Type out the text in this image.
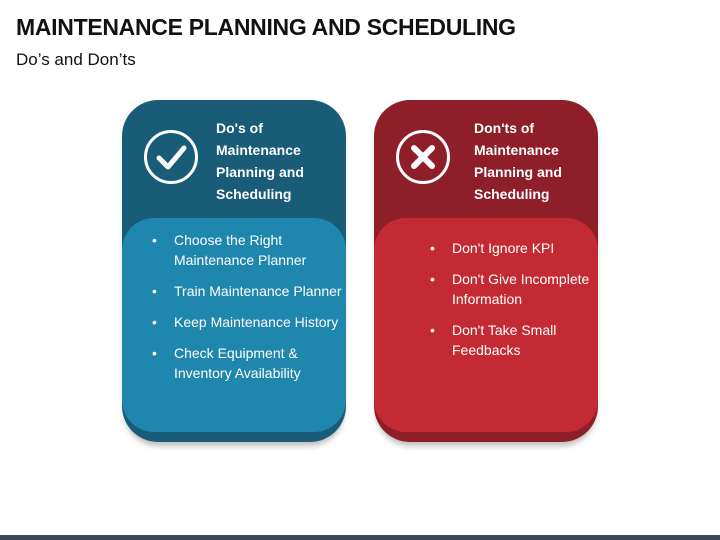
MAINTENANCE PLANNING AND SCHEDULING
Do’s and Don’ts
Do's of
Maintenance
Planning and
Scheduling
• Choose the Right Maintenance Planner
• Train Maintenance Planner
• Keep Maintenance History
• Check Equipment & Inventory Availability
Don'ts of
Maintenance
Planning and
Scheduling
• Don't Ignore KPI
• Don't Give Incomplete Information
• Don't Take Small Feedbacks
